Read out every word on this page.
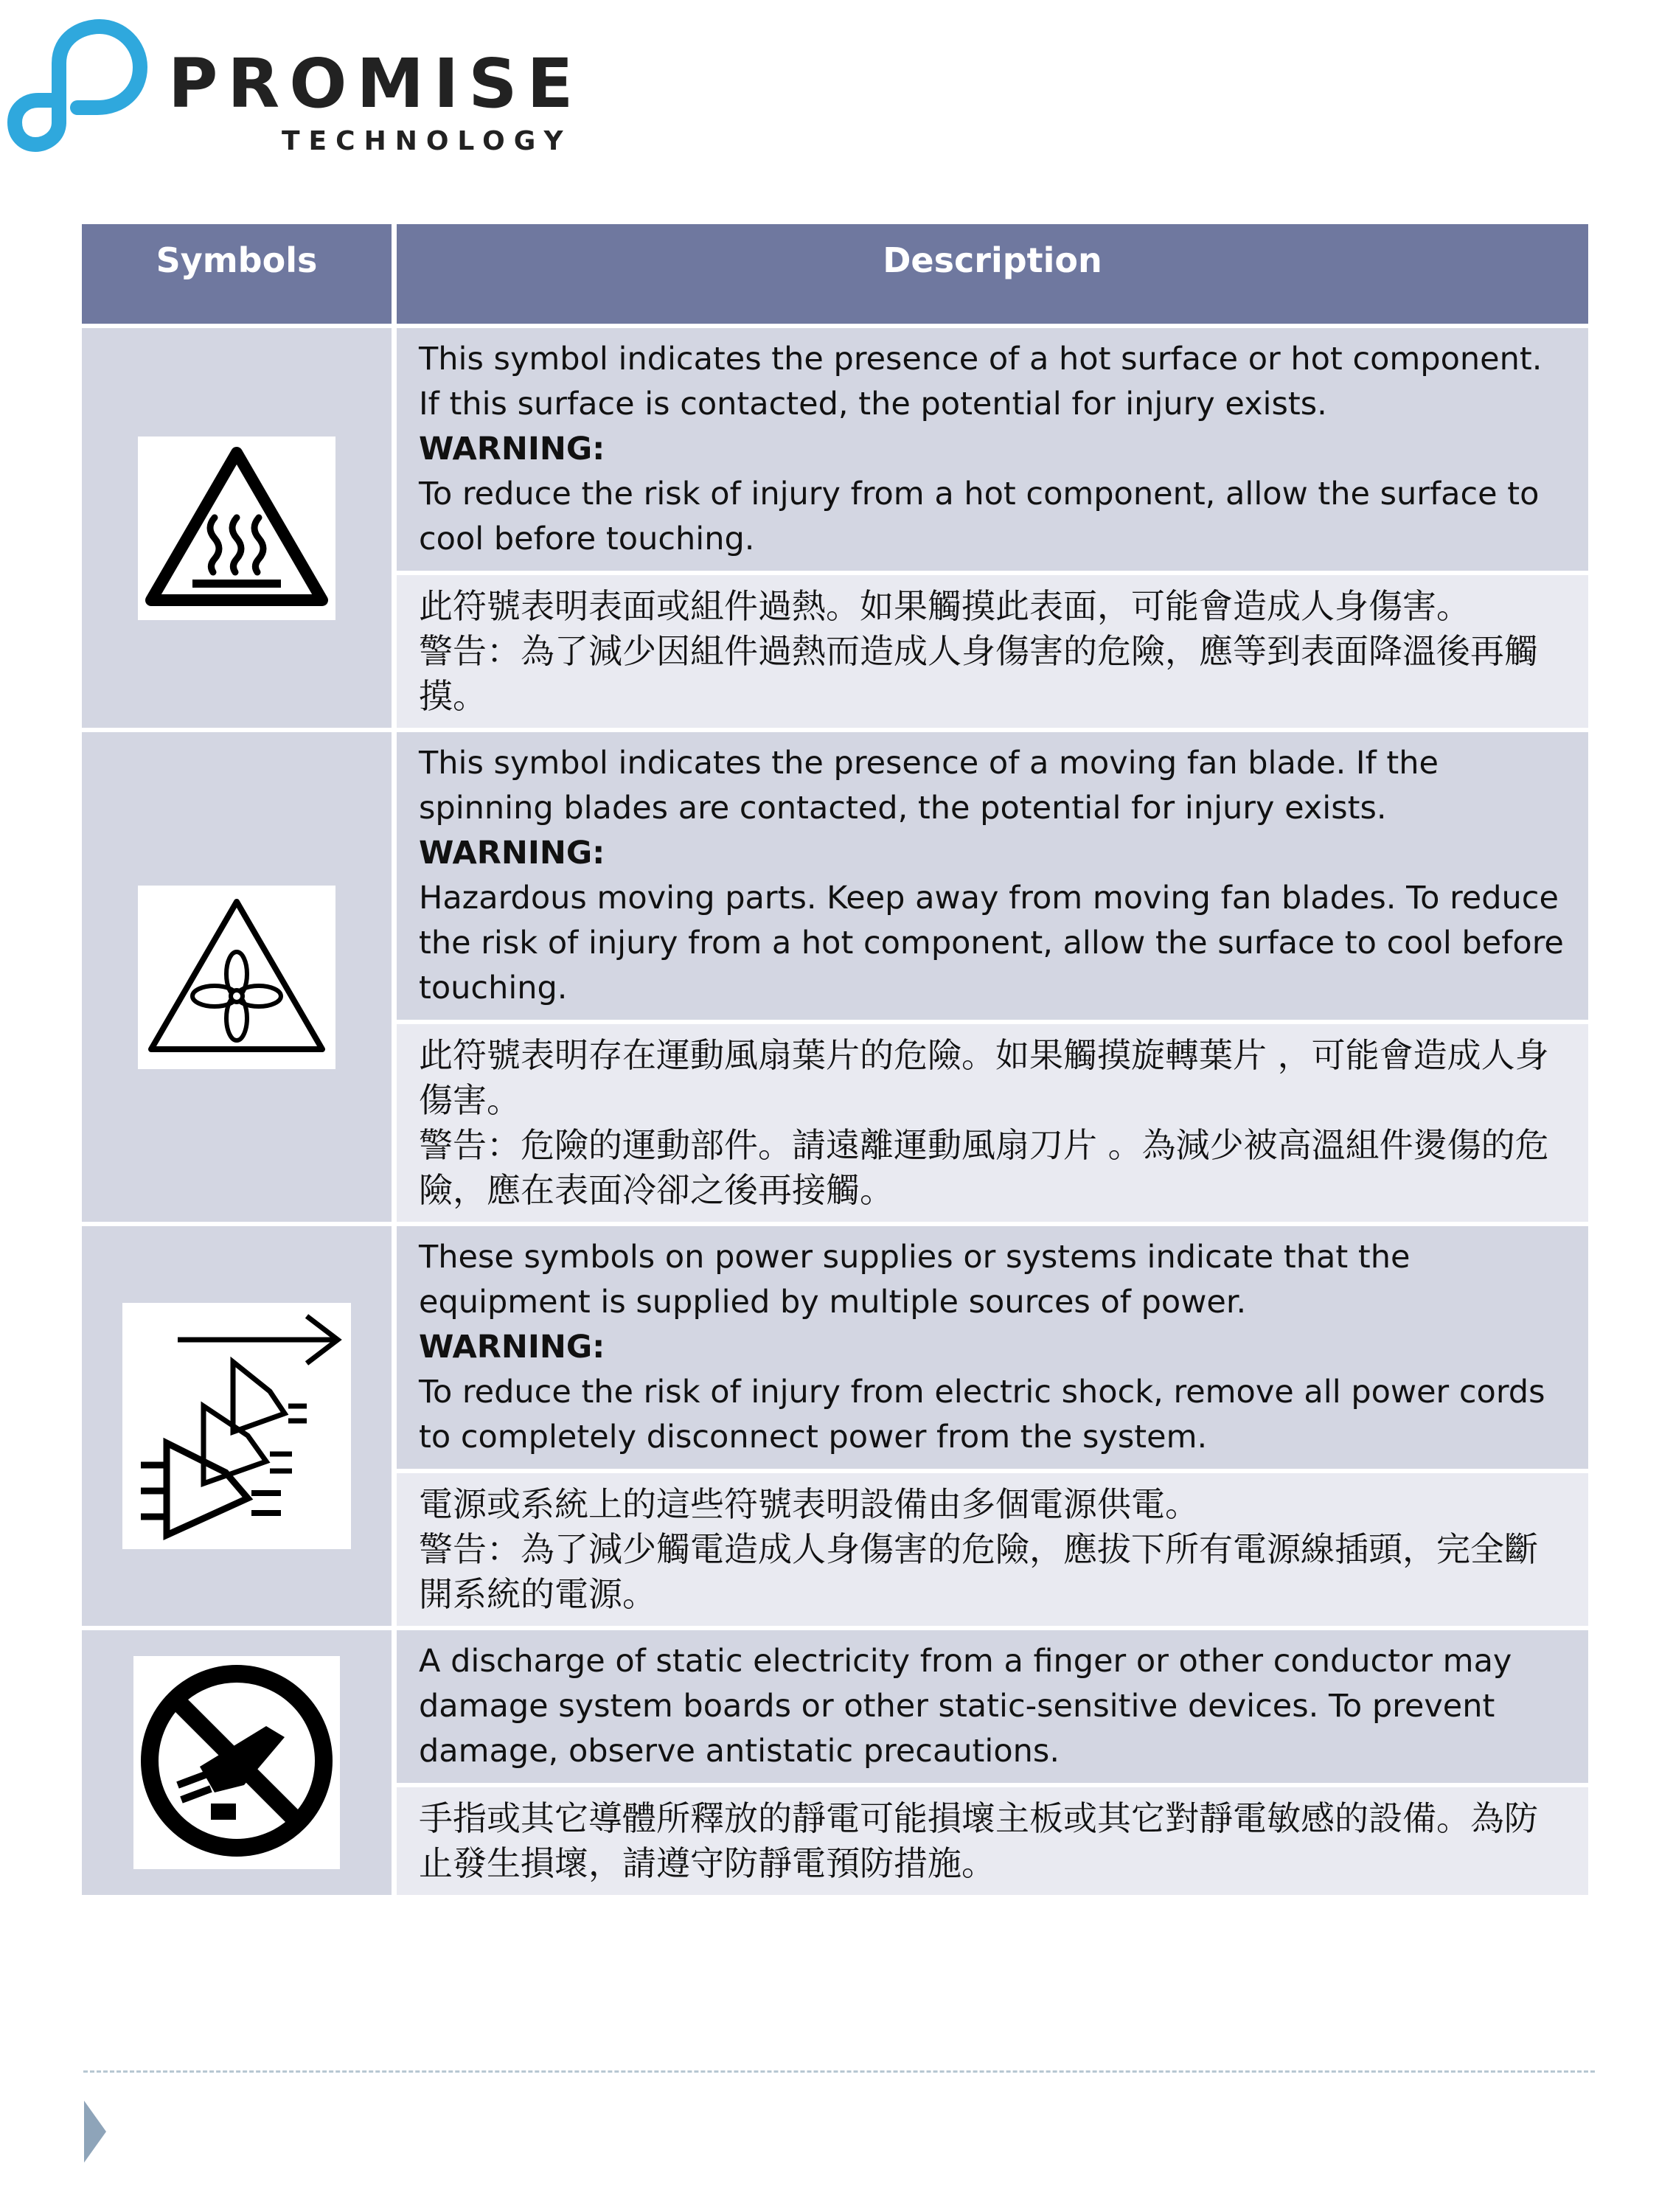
PROMISE
TECHNOLOGY
Symbols	Description

This symbol indicates the presence of a hot surface or hot component. If this surface is contacted, the potential for injury exists.
WARNING:
To reduce the risk of injury from a hot component, allow the surface to cool before touching.

	此符號表明表面或組件過熱。如果觸摸此表面，可能會造成人身傷害。
警告：為了減少因組件過熱而造成人身傷害的危險，應等到表面降溫後再觸摸。

This symbol indicates the presence of a moving fan blade. If the spinning blades are contacted, the potential for injury exists.
WARNING:
Hazardous moving parts. Keep away from moving fan blades. To reduce the risk of injury from a hot component, allow the surface to cool before touching.

	此符號表明存在運動風扇葉片的危險。如果觸摸旋轉葉片 ，可能會造成人身傷害。
警告：危險的運動部件。請遠離運動風扇刀片 。為減少被高溫組件燙傷的危險，應在表面冷卻之後再接觸。

These symbols on power supplies or systems indicate that the equipment is supplied by multiple sources of power.
WARNING:
To reduce the risk of injury from electric shock, remove all power cords to completely disconnect power from the system.

	電源或系統上的這些符號表明設備由多個電源供電。
警告：為了減少觸電造成人身傷害的危險，應拔下所有電源線插頭，完全斷開系統的電源。

A discharge of static electricity from a finger or other conductor may damage system boards or other static-sensitive devices. To prevent damage, observe antistatic precautions.

	手指或其它導體所釋放的靜電可能損壞主板或其它對靜電敏感的設備。為防止發生損壞，請遵守防靜電預防措施。
